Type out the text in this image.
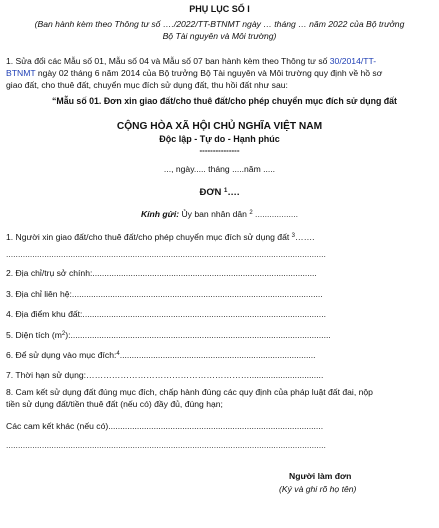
PHỤ LỤC SỐ I
(Ban hành kèm theo Thông tư số …./2022/TT-BTNMT ngày … tháng … năm 2022 của Bộ trưởng
Bộ Tài nguyên và Môi trường)
1. Sửa đổi các Mẫu số 01, Mẫu số 04 và Mẫu số 07 ban hành kèm theo Thông tư số 30/2014/TT-
BTNMT ngày 02 tháng 6 năm 2014 của Bộ trưởng Bộ Tài nguyên và Môi trường quy định về hồ sơ
giao đất, cho thuê đất, chuyển mục đích sử dụng đất, thu hồi đất như sau:
“Mẫu số 01. Đơn xin giao đất/cho thuê đất/cho phép chuyển mục đích sử dụng đất
CỘNG HÒA XÃ HỘI CHỦ NGHĨA VIỆT NAM
Độc lập - Tự do - Hạnh phúc
---------------
..., ngày..... tháng .....năm .....
ĐƠN $^1$….
Kính gửi: Ủy ban nhân dân $^2$ ..................
1. Người xin giao đất/cho thuê đất/cho phép chuyển mục đích sử dụng đất $^3$…….
......................................................................................................................................
2. Địa chỉ/trụ sở chính:..............................................................................................
3. Địa chỉ liên hệ:.........................................................................................................
4. Địa điểm khu đất:......................................................................................................
5. Diện tích $(m^2)$:.............................................................................................................
6. Để sử dụng vào mục đích:$^4$..................................................................................
7. Thời hạn sử dụng:…………………………………………………...............................
8. Cam kết sử dụng đất đúng mục đích, chấp hành đúng các quy định của pháp luật đất đai, nộp
tiền sử dụng đất/tiền thuê đất (nếu có) đầy đủ, đúng hạn;
Các cam kết khác (nếu có)..........................................................................................
......................................................................................................................................
Người làm đơn
(Ký và ghi rõ họ tên)
